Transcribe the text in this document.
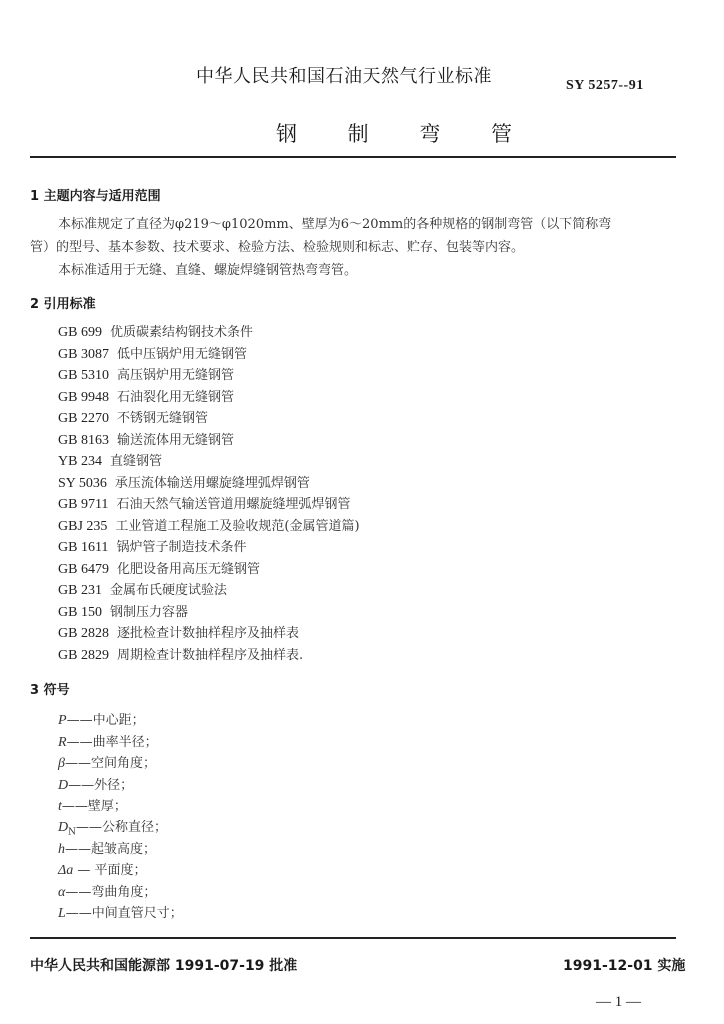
中华人民共和国石油天然气行业标准	SY 5257--91
钢 制 弯 管
1 主题内容与适用范围
本标准规定了直径为φ219～φ1020mm、壁厚为6～20mm的各种规格的钢制弯管（以下简称弯
管）的型号、基本参数、技术要求、检验方法、检验规则和标志、贮存、包装等内容。
本标准适用于无缝、直缝、螺旋焊缝钢管热弯弯管。
2 引用标准
GB 699 优质碳素结构钢技术条件
GB 3087 低中压锅炉用无缝钢管
GB 5310 高压锅炉用无缝钢管
GB 9948 石油裂化用无缝钢管
GB 2270 不锈钢无缝钢管
GB 8163 输送流体用无缝钢管
YB 234 直缝钢管
SY 5036 承压流体输送用螺旋缝埋弧焊钢管
GB 9711 石油天然气输送管道用螺旋缝埋弧焊钢管
GBJ 235 工业管道工程施工及验收规范(金属管道篇)
GB 1611 锅炉管子制造技术条件
GB 6479 化肥设备用高压无缝钢管
GB 231 金属布氏硬度试验法
GB 150 钢制压力容器
GB 2828 逐批检查计数抽样程序及抽样表
GB 2829 周期检查计数抽样程序及抽样表.
3 符号
P——中心距；
R——曲率半径；
β——空间角度；
D——外径；
t——壁厚；
$D_N——$公称直径；
h——起皱高度；
Δa — 平面度；
α——弯曲角度；
L——中间直管尺寸；
中华人民共和国能源部 1991-07-19 批准	1991-12-01 实施
— 1 —
